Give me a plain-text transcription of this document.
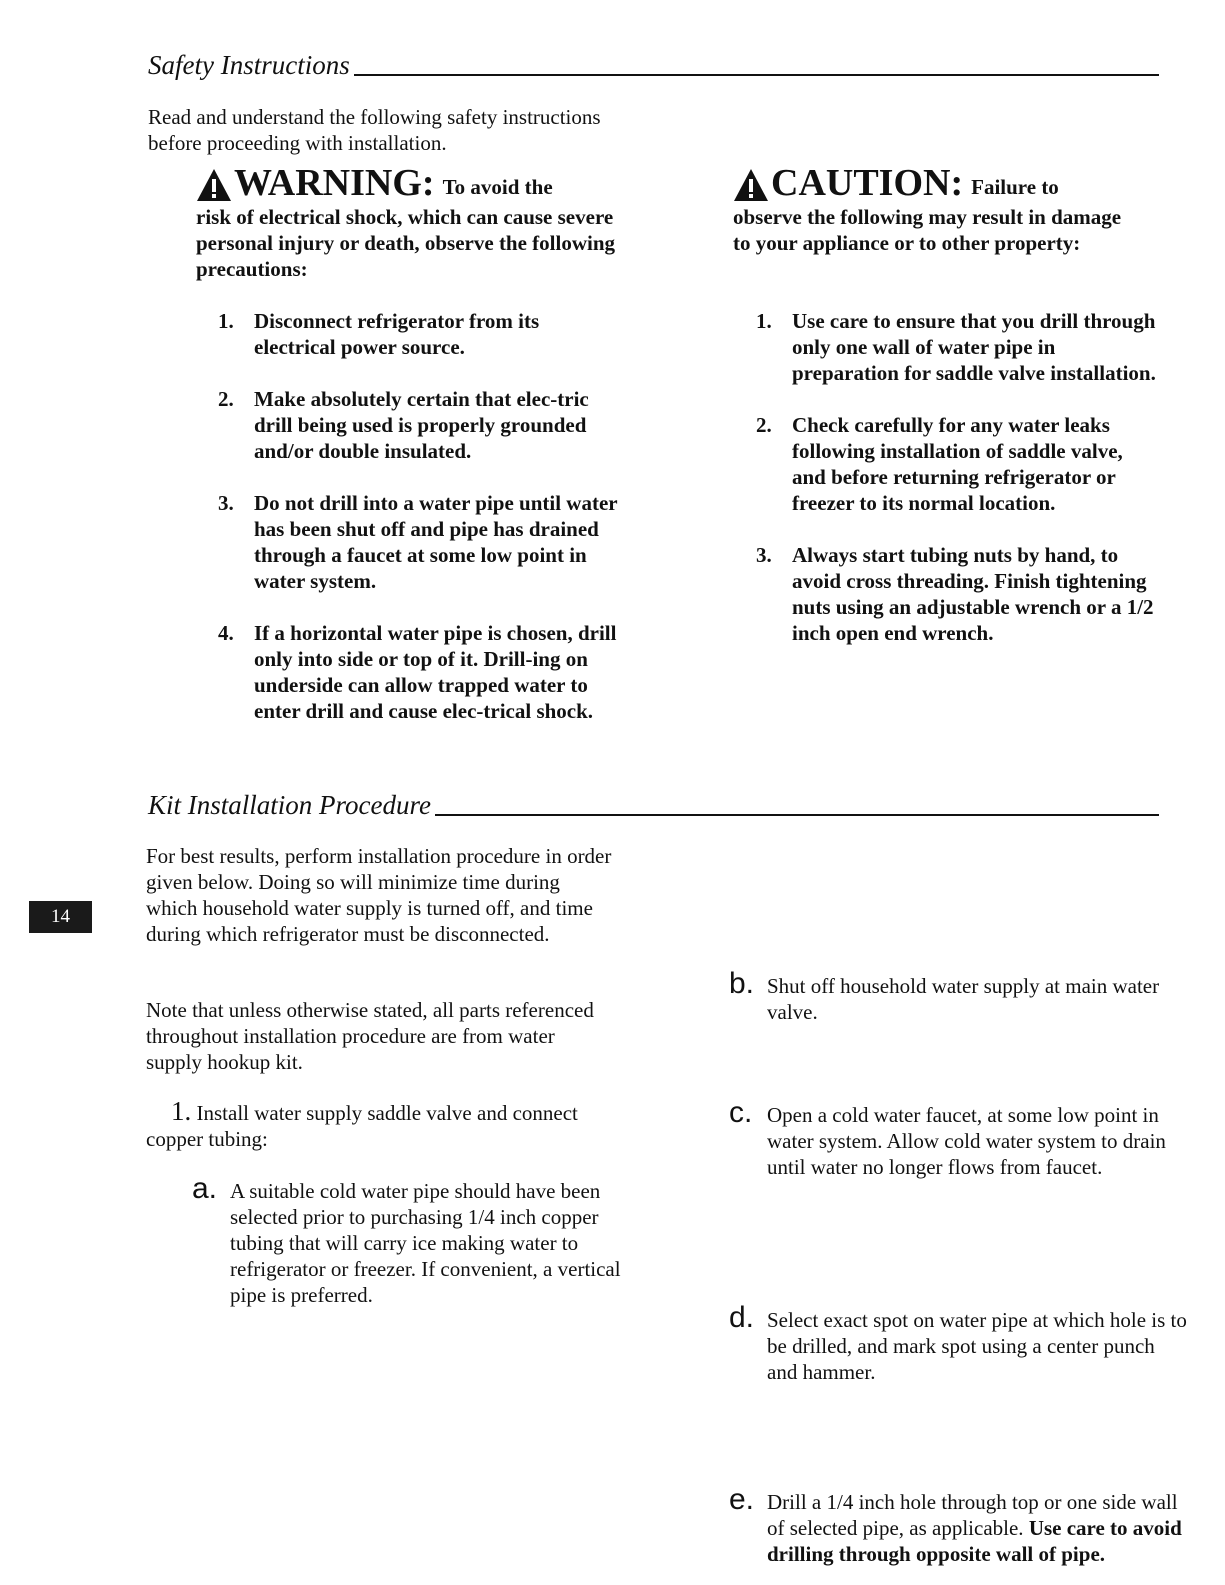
Safety Instructions
Read and understand the following safety instructions before proceeding with installation.
WARNING: To avoid the
risk of electrical shock, which can cause severe personal injury or death, observe the following precautions:
1. Disconnect refrigerator from its electrical power source.
2. Make absolutely certain that elec-tric drill being used is properly grounded and/or double insulated.
3. Do not drill into a water pipe until water has been shut off and pipe has drained through a faucet at some low point in water system.
4. If a horizontal water pipe is chosen, drill only into side or top of it. Drill-ing on underside can allow trapped water to enter drill and cause elec-trical shock.
CAUTION: Failure to
observe the following may result in damage to your appliance or to other property:
1. Use care to ensure that you drill through only one wall of water pipe in preparation for saddle valve installation.
2. Check carefully for any water leaks following installation of saddle valve, and before returning refrigerator or freezer to its normal location.
3. Always start tubing nuts by hand, to avoid cross threading. Finish tightening nuts using an adjustable wrench or a 1/2 inch open end wrench.
Kit Installation Procedure
14
For best results, perform installation procedure in order given below. Doing so will minimize time during which household water supply is turned off, and time during which refrigerator must be disconnected.
Note that unless otherwise stated, all parts referenced throughout installation procedure are from water supply hookup kit.
1. Install water supply saddle valve and connect copper tubing:
a. A suitable cold water pipe should have been selected prior to purchasing 1/4 inch copper tubing that will carry ice making water to refrigerator or freezer. If convenient, a vertical pipe is preferred.
b. Shut off household water supply at main water valve.
c. Open a cold water faucet, at some low point in water system. Allow cold water system to drain until water no longer flows from faucet.
d. Select exact spot on water pipe at which hole is to be drilled, and mark spot using a center punch and hammer.
e. Drill a 1/4 inch hole through top or one side wall of selected pipe, as applicable. Use care to avoid drilling through opposite wall of pipe.
